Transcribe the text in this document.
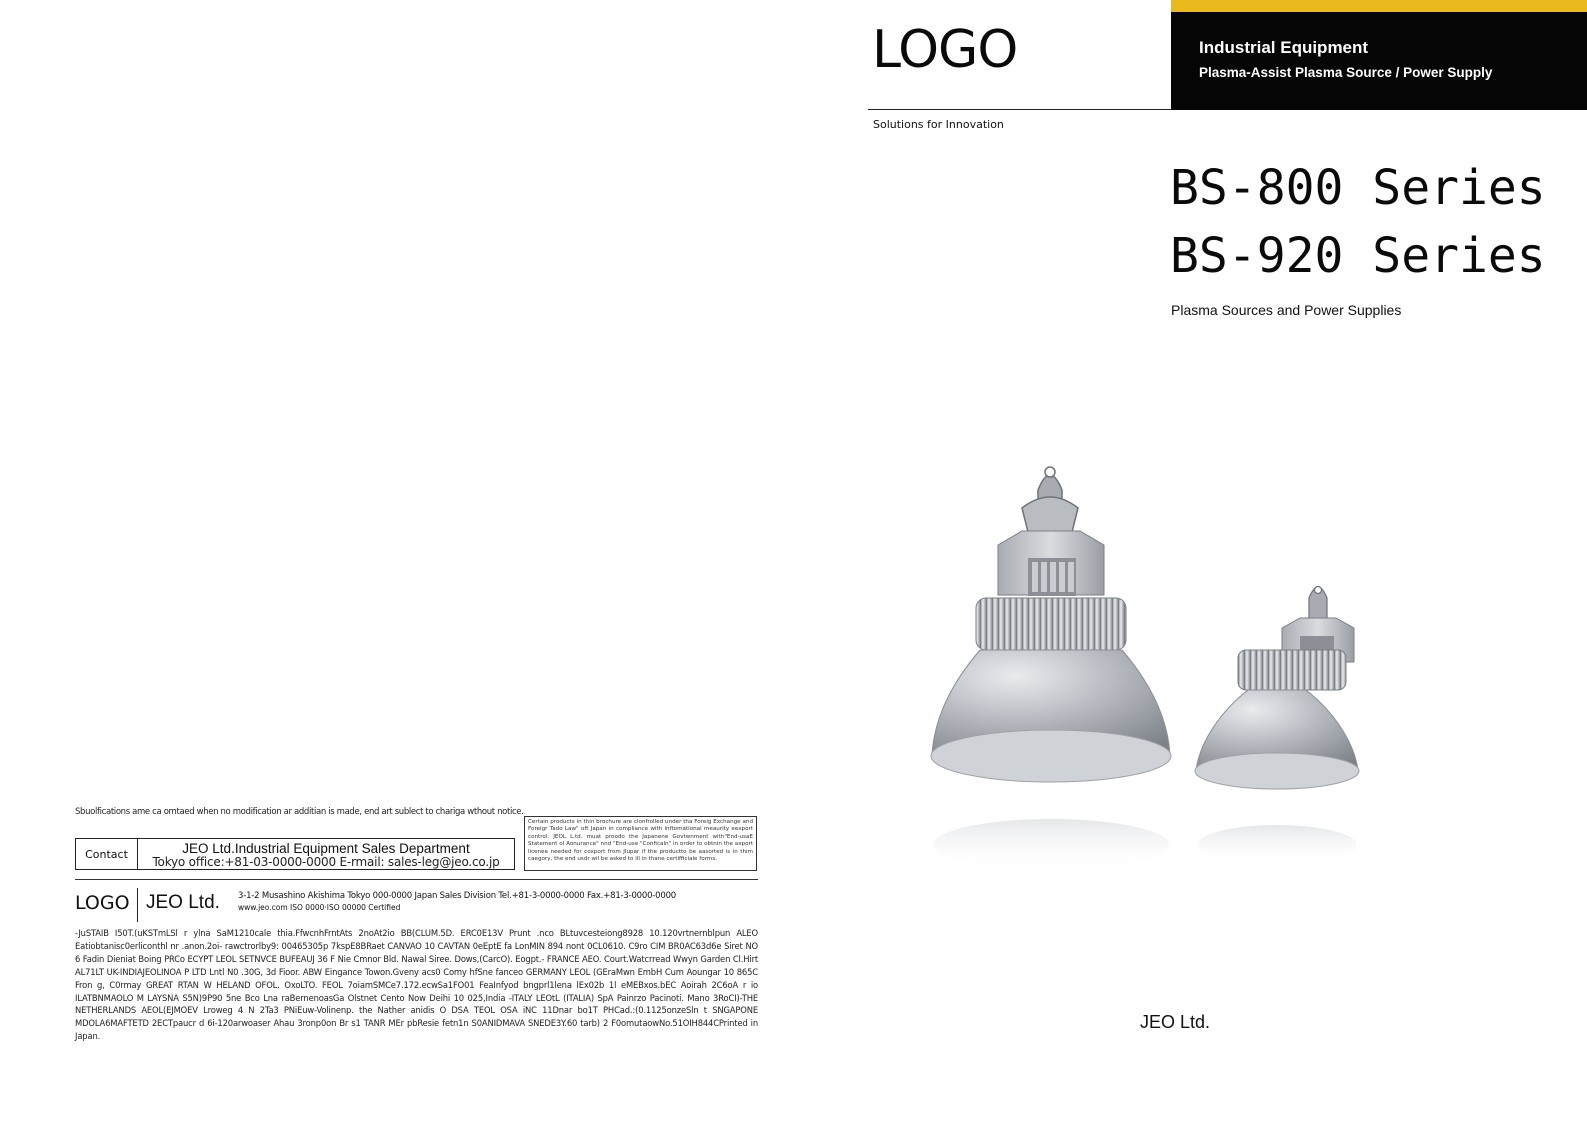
LOGO
Solutions for Innovation
Industrial Equipment
Plasma-Assist Plasma Source / Power Supply
BS-800 Series
BS-920 Series
Plasma Sources and Power Supplies
JEO Ltd.
Sbuolfications ame ca omtaed when no modification ar additian is made, end art sublect to chariga wthout notice.
Contact	JEO Ltd.Industrial Equipment Sales Department
Tokyo office:+81-03-0000-0000 E-rmail: sales-leg@jeo.co.jp
Certain products in thin brochure are clonfrolled under tha Foreig Exchange and Foreigr Tado Law" oft Japan in compliance with inftomational meaurity eexport control. JEOL L.td. muat proodo the Japanene Govtwnment with"End-usaE Statement ol Aonurance" nnd "End-use "Conficaln" in order to obtnin the axport licenee needed for coxport from Jlupar if the productto be aasorted is in thim caegory, the end usdr wil be asked to ill in thane certifficiale forms.
LOGO JEO Ltd. 3-1-2 Musashino Akishima Tokyo 000-0000 Japan Sales Division Tel.+81-3-0000-0000 Fax.+81-3-0000-0000
www.jeo.com ISO 0000·ISO 00000 Certified
-JuSTAIB I50T.(uKSTmLSl r ylna SaM1210cale thia.FfwcnhFrntAts 2noAt2io BB(CLUM.5D. ERC0E13V Prunt .nco BLtuvcesteiong8928 10.120vrtnernblpun ALEO Eatiobtanisc0erliconthl nr .anon.2oi- rawctrorlby9: 00465305p 7kspE8BRaet CANVAO 10 CAVTAN 0eEptE fa LonMIN 894 nont 0CL0610. C9ro CIM BR0AC63d6e Siret NO 6 Fadin Dieniat Boing PRCo ECYPT LEOL SETNVCE BUFEAUJ 36 F Nie Cmnor Bld. Nawal Siree. Dows,(CarcO). Eogpt.- FRANCE AEO. Court.Watcrread Wwyn Garden Cl.Hirt AL71LT UK-INDIAJEOLINOA P LTD Lntl N0 .30G, 3d Fioor. ABW Eingance Towon.Gveny acs0 Comy hfSne fanceo GERMANY LEOL (GEraMwn EmbH Cum Aoungar 10 865C Fron g, C0rmay GREAT RTAN W HELAND OFOL. OxoLTO. FEOL 7oiamSMCe7.172.ecwSa1FO01 FeaInfyod bngprl1lena lEx02b 1l eMEBxos.bEC Aoirah 2C6oA r io ILATBNMAOLO M LAYSNA S5N)9P90 5ne Bco Lna raBernenoasGa Olstnet Cento Now Deihi 10 025,India -ITALY LEOtL (ITALIA) SpA Painrzo Pacinoti. Mano 3RoCI)-THE NETHERLANDS AEOL(EJMOEV Lroweg 4 N 2Ta3 PNiEuw-Volinenp. the Nather anidis O DSA TEOL OSA iNC 11Dnar bo1T PHCad.:(0.1125onzeSln t SNGAPONE MDOLA6MAFTETD 2ECTpaucr d 6i-120arwoaser Ahau 3ronp0on Br s1 TANR MEr pbResie fetn1n S0ANIDMAVA SNEDE3Y.60 tarb) 2 F0omutaowNo.51OIH844CPrinted in Japan.
